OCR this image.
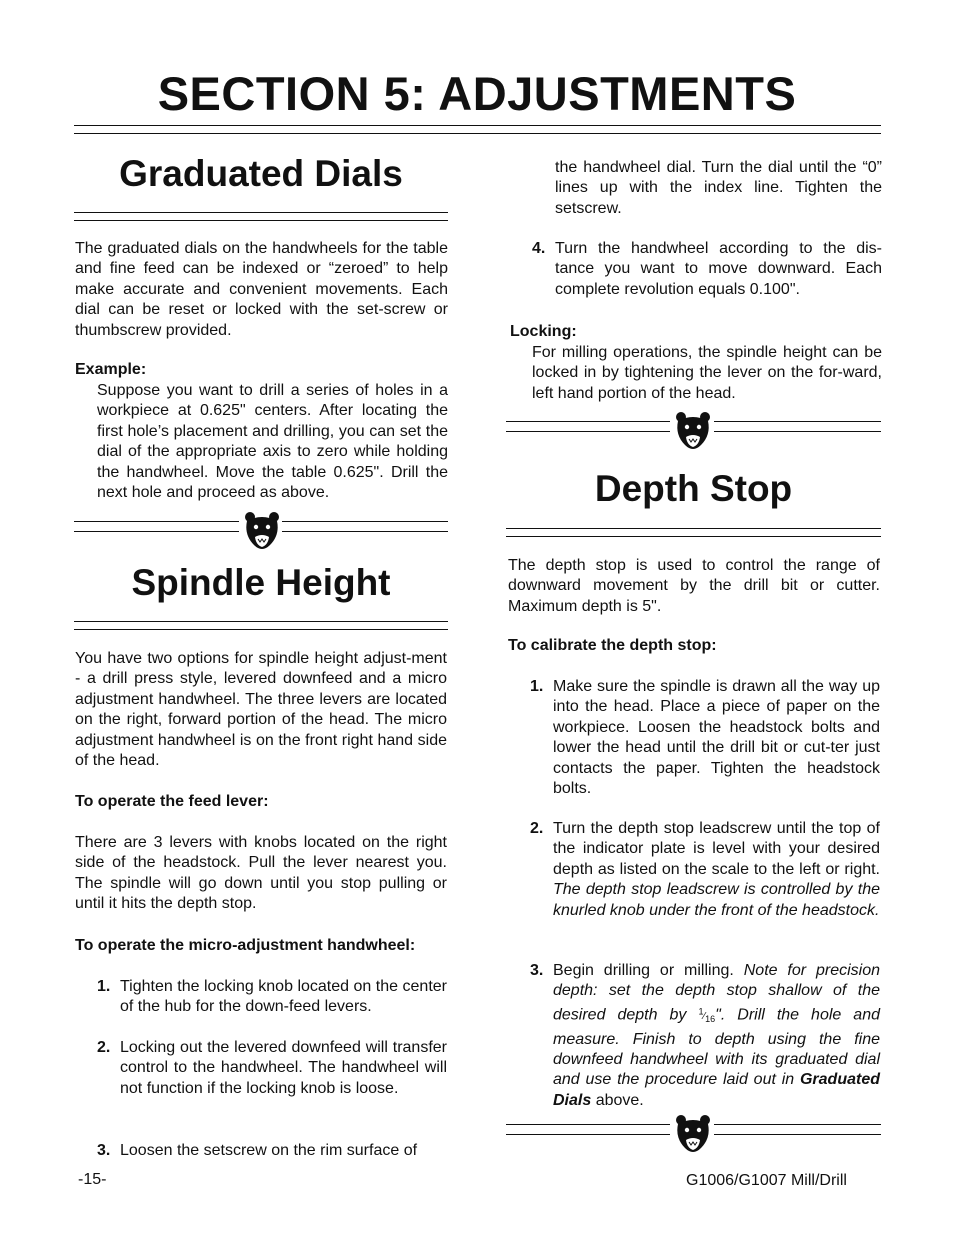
SECTION 5: ADJUSTMENTS
Graduated Dials

The graduated dials on the handwheels for the table and fine feed can be indexed or “zeroed” to help make accurate and convenient movements. Each dial can be reset or locked with the set-screw or thumbscrew provided.

Example:

Suppose you want to drill a series of holes in a workpiece at 0.625" centers. After locating the first hole’s placement and drilling, you can set the dial of the appropriate axis to zero while holding the handwheel. Move the table 0.625". Drill the next hole and proceed as above.

Spindle Height

You have two options for spindle height adjust-ment - a drill press style, levered downfeed and a micro adjustment handwheel. The three levers are located on the right, forward portion of the head. The micro adjustment handwheel is on the front right hand side of the head.

To operate the feed lever:

There are 3 levers with knobs located on the right side of the headstock. Pull the lever nearest you. The spindle will go down until you stop pulling or until it hits the depth stop.

To operate the micro-adjustment handwheel:
1. Tighten the locking knob located on the center of the hub for the down-feed levers.

2. Locking out the levered downfeed will transfer control to the handwheel. The handwheel will not function if the locking knob is loose.

3. Loosen the setscrew on the rim surface of

the handwheel dial. Turn the dial until the “0” lines up with the index line. Tighten the setscrew.

4. Turn the handwheel according to the dis-tance you want to move downward. Each complete revolution equals 0.100".

Locking:

For milling operations, the spindle height can be locked in by tightening the lever on the for-ward, left hand portion of the head.

Depth Stop

The depth stop is used to control the range of downward movement by the drill bit or cutter. Maximum depth is 5".

To calibrate the depth stop:
1. Make sure the spindle is drawn all the way up into the head. Place a piece of paper on the workpiece. Loosen the headstock bolts and lower the head until the drill bit or cut-ter just contacts the paper. Tighten the headstock bolts.

2. Turn the depth stop leadscrew until the top of the indicator plate is level with your desired depth as listed on the scale to the left or right. The depth stop leadscrew is controlled by the knurled knob under the front of the headstock.

3. Begin drilling or milling. Note for precision depth: set the depth stop shallow of the desired depth by $^1⁄_{16}$". Drill the hole and measure. Finish to depth using the fine downfeed handwheel with its graduated dial and use the procedure laid out in Graduated Dials above.

-15-	G1006/G1007 Mill/Drill
